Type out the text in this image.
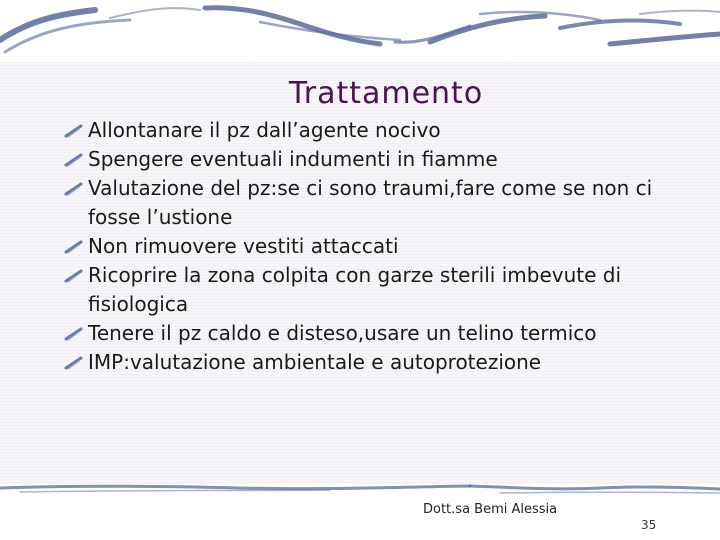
Trattamento
Allontanare il pz dall’agente nocivo
Spengere eventuali indumenti in fiamme
Valutazione del pz:se ci sono traumi,fare come se non ci fosse l’ustione
Non rimuovere vestiti attaccati
Ricoprire la zona colpita con garze sterili imbevute di fisiologica
Tenere il pz caldo e disteso,usare un telino termico
IMP:valutazione ambientale e autoprotezione
Dott.sa Bemi Alessia
35
